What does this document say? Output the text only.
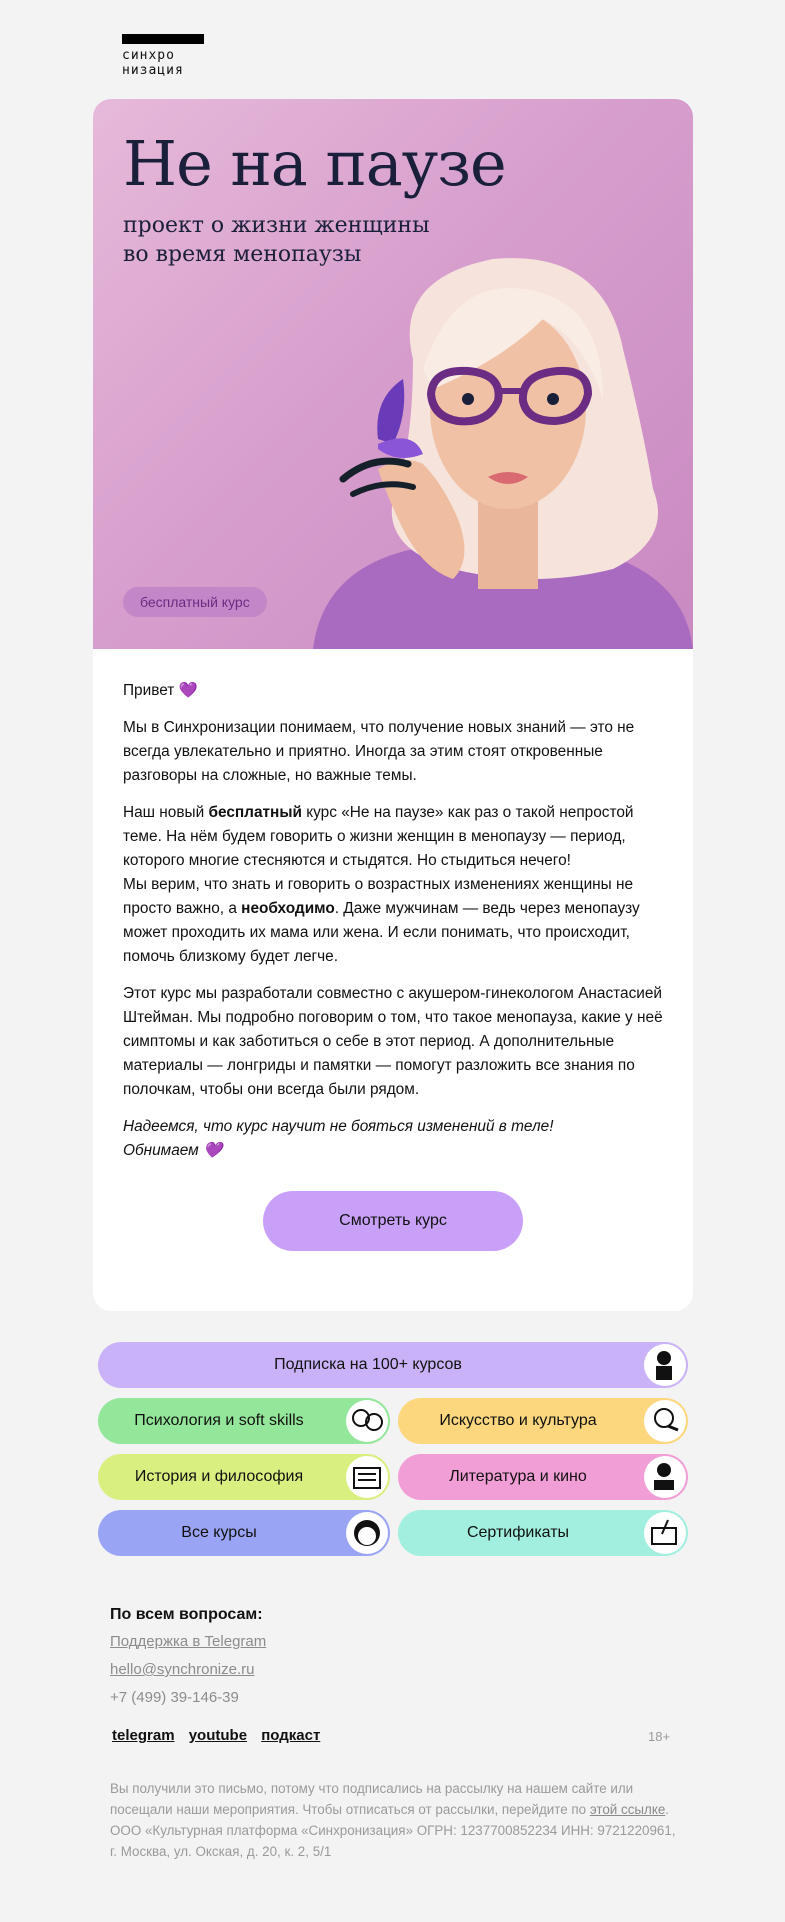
синхро
низация
Не на паузе
проект о жизни женщины
во время менопаузы
бесплатный курс

Привет 💜

Мы в Синхронизации понимаем, что получение новых знаний — это не всегда увлекательно и приятно. Иногда за этим стоят откровенные разговоры на сложные, но важные темы.

Наш новый бесплатный курс «Не на паузе» как раз о такой непростой теме. На нём будем говорить о жизни женщин в менопаузу — период, которого многие стесняются и стыдятся. Но стыдиться нечего!
Мы верим, что знать и говорить о возрастных изменениях женщины не просто важно, а необходимо. Даже мужчинам — ведь через менопаузу может проходить их мама или жена. И если понимать, что происходит, помочь близкому будет легче.

Этот курс мы разработали совместно с акушером-гинекологом Анастасией Штейман. Мы подробно поговорим о том, что такое менопауза, какие у неё симптомы и как заботиться о себе в этот период. А дополнительные материалы — лонгриды и памятки — помогут разложить все знания по полочкам, чтобы они всегда были рядом.

Надеемся, что курс научит не бояться изменений в теле!
Обнимаем 💜

Смотреть курс
Подписка на 100+ курсов
Психология и soft skills	Искусство и культура
История и философия	Литература и кино
Все курсы	Сертификаты
По всем вопросам:
Поддержка в Telegram
hello@synchronize.ru
+7 (499) 39-146-39
telegram youtube подкаст	18+
Вы получили это письмо, потому что подписались на рассылку на нашем сайте или посещали наши мероприятия. Чтобы отписаться от рассылки, перейдите по этой ссылке.
ООО «Культурная платформа «Синхронизация» ОГРН: 1237700852234 ИНН: 9721220961, г. Москва, ул. Окская, д. 20, к. 2, 5/1
